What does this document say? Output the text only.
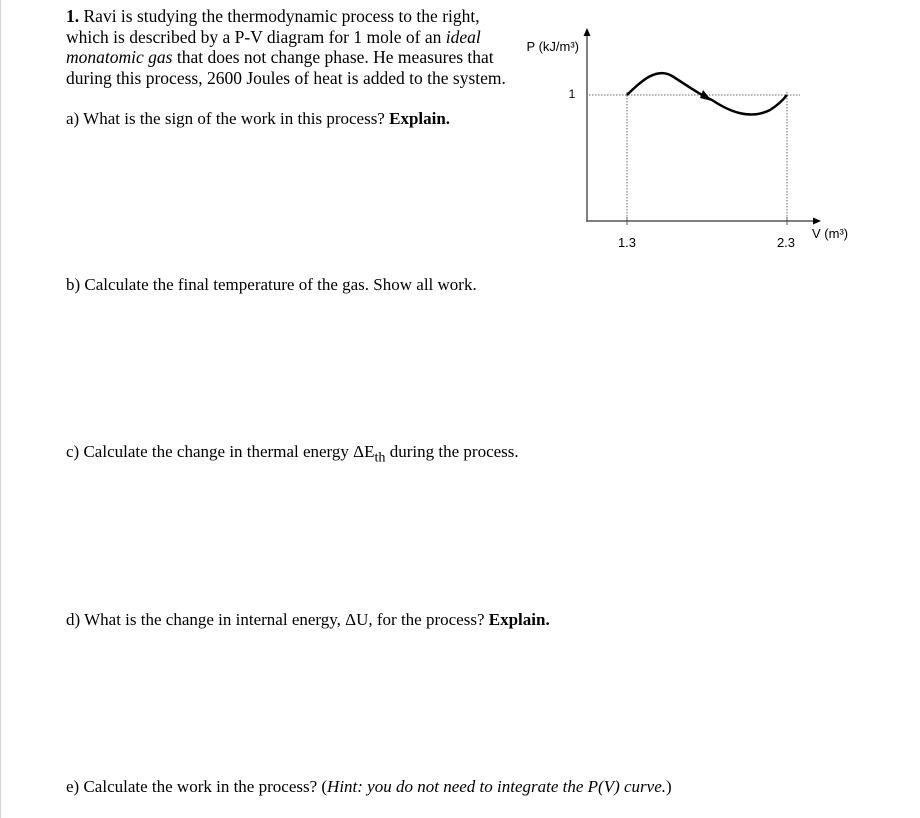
1. Ravi is studying the thermodynamic process to the right,
which is described by a P-V diagram for 1 mole of an ideal
monatomic gas that does not change phase. He measures that
during this process, 2600 Joules of heat is added to the system.
a) What is the sign of the work in this process? Explain.
b) Calculate the final temperature of the gas. Show all work.
c) Calculate the change in thermal energy $\Delta E_{th}$ during the process.
d) What is the change in internal energy, ΔU, for the process? Explain.
e) Calculate the work in the process? (Hint: you do not need to integrate the P(V) curve.)
P (kJ/m³)
1
1.3	2.3
V (m³)
